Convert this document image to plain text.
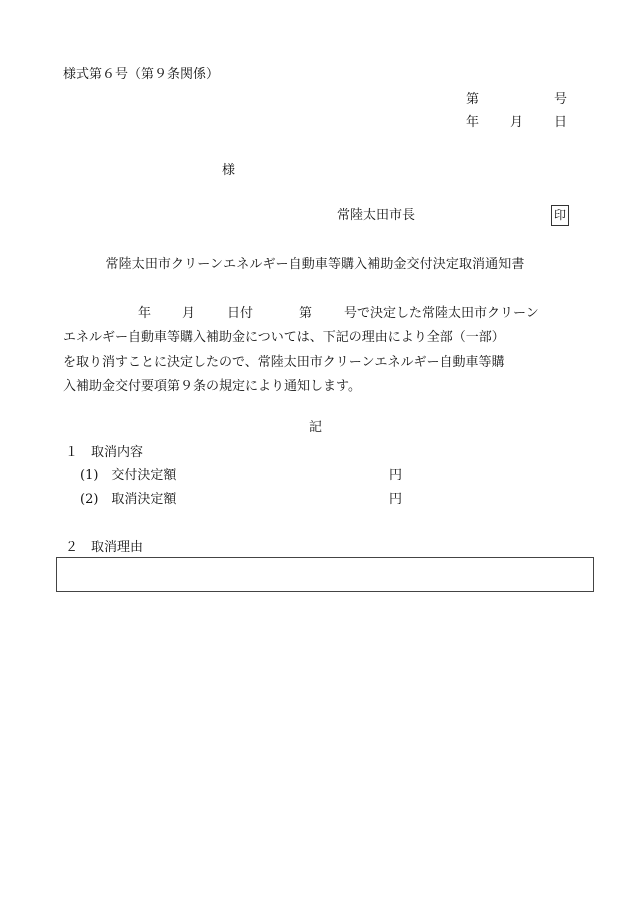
様式第６号（第９条関係）
第	号
年 月 日
様
常陸太田市長	印
常陸太田市クリーンエネルギー自動車等購入補助金交付決定取消通知書
年 月 日付	第 号で決定した常陸太田市クリーン
エネルギー自動車等購入補助金については、下記の理由により全部（一部）
を取り消すことに決定したので、常陸太田市クリーンエネルギー自動車等購
入補助金交付要項第９条の規定により通知します。
記
１　取消内容
(1)　交付決定額	円
(2)　取消決定額	円
２　取消理由
